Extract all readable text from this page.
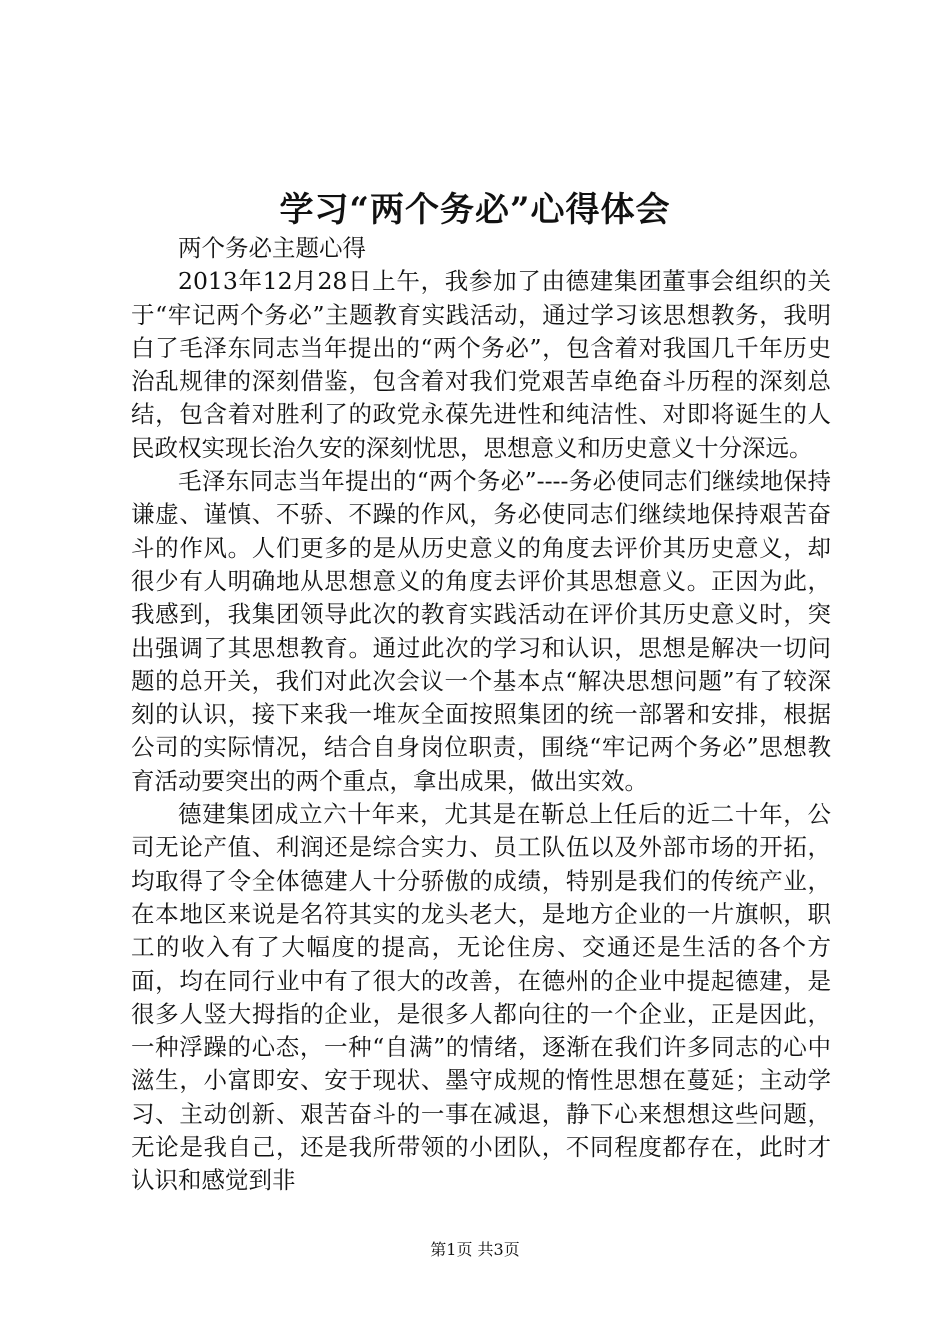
学习“两个务必”心得体会

两个务必主题心得

2013年12月28日上午，我参加了由德建集团董事会组织的关于“牢记两个务必”主题教育实践活动，通过学习该思想教务，我明白了毛泽东同志当年提出的“两个务必”，包含着对我国几千年历史治乱规律的深刻借鉴，包含着对我们党艰苦卓绝奋斗历程的深刻总结，包含着对胜利了的政党永葆先进性和纯洁性、对即将诞生的人民政权实现长治久安的深刻忧思，思想意义和历史意义十分深远。

毛泽东同志当年提出的“两个务必”----务必使同志们继续地保持谦虚、谨慎、不骄、不躁的作风，务必使同志们继续地保持艰苦奋斗的作风。人们更多的是从历史意义的角度去评价其历史意义，却很少有人明确地从思想意义的角度去评价其思想意义。正因为此，我感到，我集团领导此次的教育实践活动在评价其历史意义时，突出强调了其思想教育。通过此次的学习和认识，思想是解决一切问题的总开关，我们对此次会议一个基本点“解决思想问题”有了较深刻的认识，接下来我一堆灰全面按照集团的统一部署和安排，根据公司的实际情况，结合自身岗位职责，围绕“牢记两个务必”思想教育活动要突出的两个重点，拿出成果，做出实效。

德建集团成立六十年来，尤其是在靳总上任后的近二十年，公司无论产值、利润还是综合实力、员工队伍以及外部市场的开拓，均取得了令全体德建人十分骄傲的成绩，特别是我们的传统产业，在本地区来说是名符其实的龙头老大，是地方企业的一片旗帜，职工的收入有了大幅度的提高，无论住房、交通还是生活的各个方面，均在同行业中有了很大的改善，在德州的企业中提起德建，是很多人竖大拇指的企业，是很多人都向往的一个企业，正是因此，一种浮躁的心态，一种“自满”的情绪，逐渐在我们许多同志的心中滋生，小富即安、安于现状、墨守成规的惰性思想在蔓延；主动学习、主动创新、艰苦奋斗的一事在减退，静下心来想想这些问题，无论是我自己，还是我所带领的小团队，不同程度都存在，此时才认识和感觉到非

第1页 共3页
